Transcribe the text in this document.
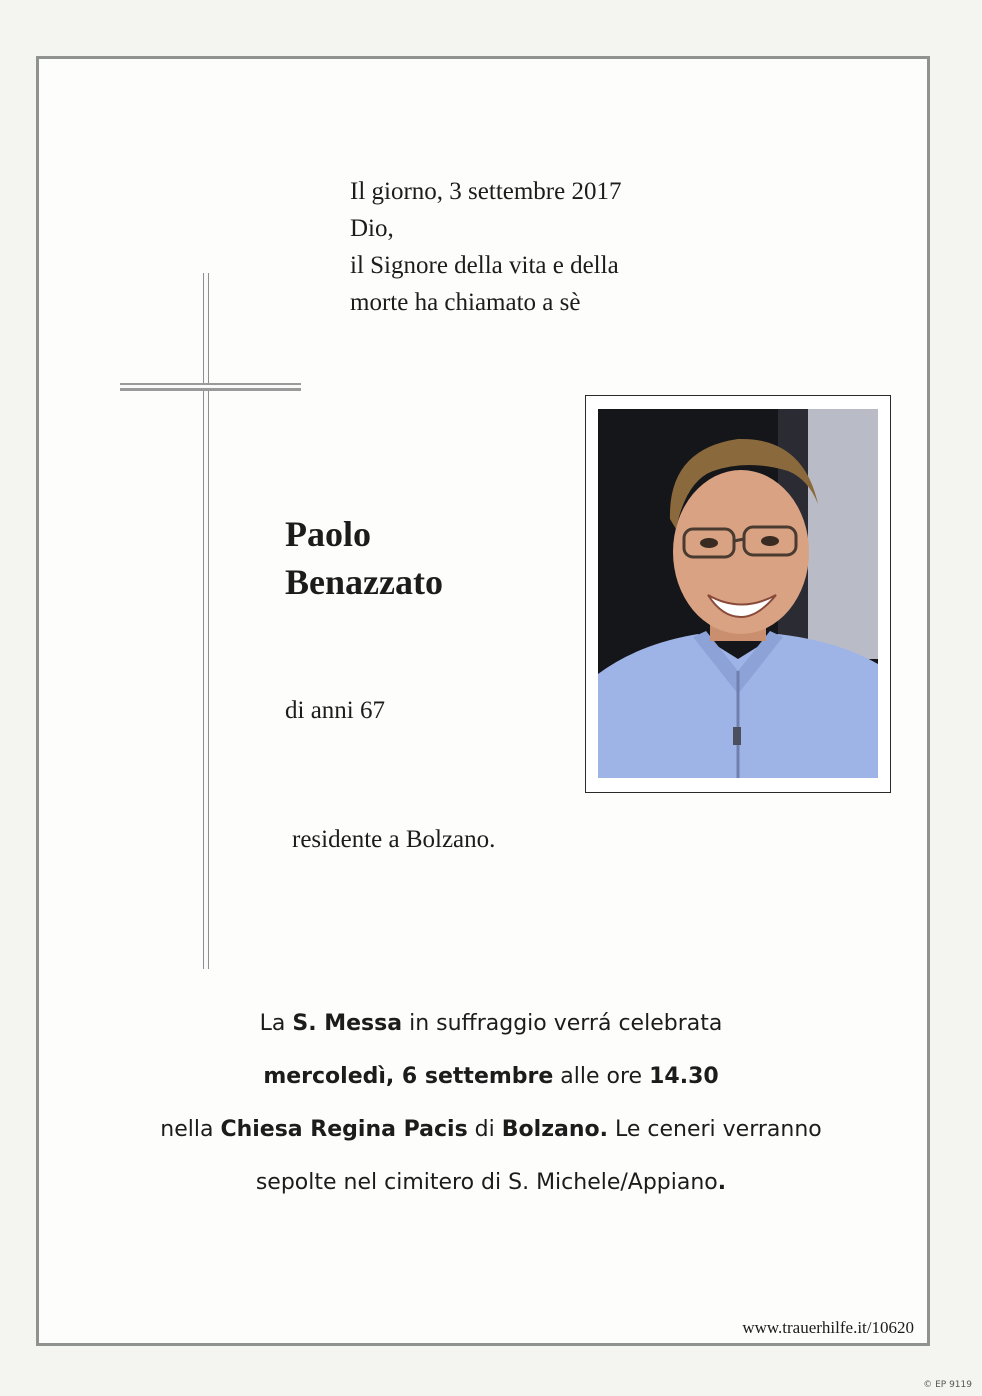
Il giorno, 3 settembre 2017
Dio,
il Signore della vita e della
morte ha chiamato a sè
Paolo
Benazzato
di anni 67
residente a Bolzano.
La S. Messa in suffraggio verrá celebrata
mercoledì, 6 settembre alle ore 14.30
nella Chiesa Regina Pacis di Bolzano. Le ceneri verranno
sepolte nel cimitero di S. Michele/Appiano.
www.trauerhilfe.it/10620
© EP 9119
